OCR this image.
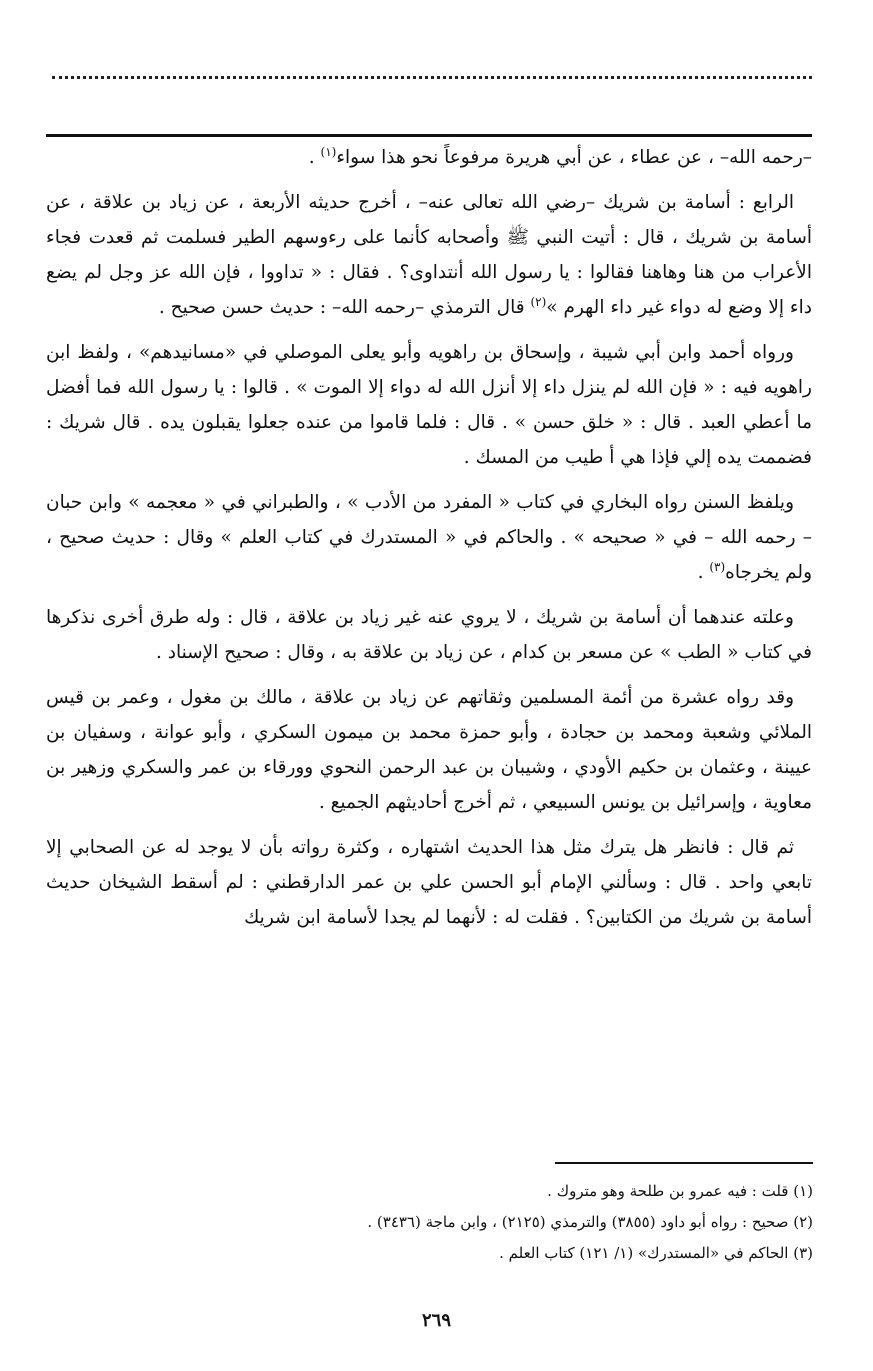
–رحمه الله– ، عن عطاء ، عن أبي هريرة مرفوعاً نحو هذا سواء$^{(١)}$ .

الرابع : أسامة بن شريك –رضي الله تعالى عنه– ، أخرج حديثه الأربعة ، عن زياد بن علاقة ، عن أسامة بن شريك ، قال : أتيت النبي ﷺ وأصحابه كأنما على رءوسهم الطير فسلمت ثم قعدت فجاء الأعراب من هنا وهاهنا فقالوا : يا رسول الله أنتداوى؟ . فقال : « تداووا ، فإن الله عز وجل لم يضع داء إلا وضع له دواء غير داء الهرم »$^{(٢)}$ قال الترمذي –رحمه الله– : حديث حسن صحيح .

ورواه أحمد وابن أبي شيبة ، وإسحاق بن راهويه وأبو يعلى الموصلي في «مسانيدهم» ، ولفظ ابن راهويه فيه : « فإن الله لم ينزل داء إلا أنزل الله له دواء إلا الموت » . قالوا : يا رسول الله فما أفضل ما أعطي العبد . قال : « خلق حسن » . قال : فلما قاموا من عنده جعلوا يقبلون يده . قال شريك : فضممت يده إلي فإذا هي أ طيب من المسك .

ويلفظ السنن رواه البخاري في كتاب « المفرد من الأدب » ، والطبراني في « معجمه » وابن حبان – رحمه الله – في « صحيحه » . والحاكم في « المستدرك في كتاب العلم » وقال : حديث صحيح ، ولم يخرجاه$^{(٣)}$ .

وعلته عندهما أن أسامة بن شريك ، لا يروي عنه غير زياد بن علاقة ، قال : وله طرق أخرى نذكرها في كتاب « الطب » عن مسعر بن كدام ، عن زياد بن علاقة به ، وقال : صحيح الإسناد .

وقد رواه عشرة من أئمة المسلمين وثقاتهم عن زياد بن علاقة ، مالك بن مغول ، وعمر بن قيس الملائي وشعبة ومحمد بن حجادة ، وأبو حمزة محمد بن ميمون السكري ، وأبو عوانة ، وسفيان بن عيينة ، وعثمان بن حكيم الأودي ، وشيبان بن عبد الرحمن النحوي وورقاء بن عمر والسكري وزهير بن معاوية ، وإسرائيل بن يونس السبيعي ، ثم أخرج أحاديثهم الجميع .

ثم قال : فانظر هل يترك مثل هذا الحديث اشتهاره ، وكثرة رواته بأن لا يوجد له عن الصحابي إلا تابعي واحد . قال : وسألني الإمام أبو الحسن علي بن عمر الدارقطني : لم أسقط الشيخان حديث أسامة بن شريك من الكتابين؟ . فقلت له : لأنهما لم يجدا لأسامة ابن شريك

(١) قلت : فيه عمرو بن طلحة وهو متروك .

(٢) صحيح : رواه أبو داود (٣٨٥٥) والترمذي (٢١٢٥) ، وابن ماجة (٣٤٣٦) .

(٣) الحاكم في «المستدرك» (١/ ١٢١) كتاب العلم .

٢٦٩
